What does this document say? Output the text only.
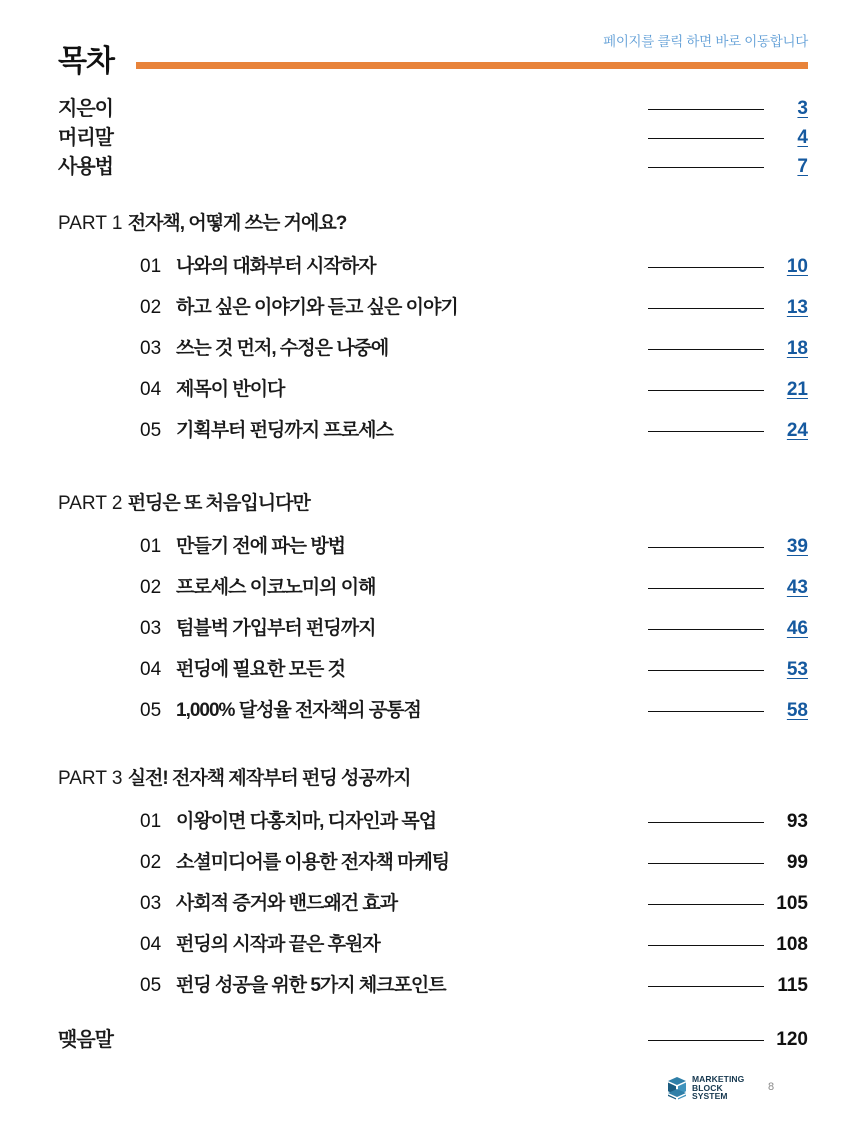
페이지를 클릭 하면 바로 이동합니다
목차
지은이	3
머리말	4
사용법	7
PART 1 전자책, 어떻게 쓰는 거에요?
01 나와의 대화부터 시작하자	10
02 하고 싶은 이야기와 듣고 싶은 이야기	13
03 쓰는 것 먼저, 수정은 나중에	18
04 제목이 반이다	21
05 기획부터 펀딩까지 프로세스	24
PART 2 펀딩은 또 처음입니다만
01 만들기 전에 파는 방법	39
02 프로세스 이코노미의 이해	43
03 텀블벅 가입부터 펀딩까지	46
04 펀딩에 필요한 모든 것	53
05 1,000% 달성율 전자책의 공통점	58
PART 3 실전! 전자책 제작부터 펀딩 성공까지
01 이왕이면 다홍치마, 디자인과 목업	93
02 소셜미디어를 이용한 전자책 마케팅	99
03 사회적 증거와 밴드왜건 효과	105
04 펀딩의 시작과 끝은 후원자	108
05 펀딩 성공을 위한 5가지 체크포인트	115
맺음말	120
MARKETING
BLOCK
SYSTEM
8
